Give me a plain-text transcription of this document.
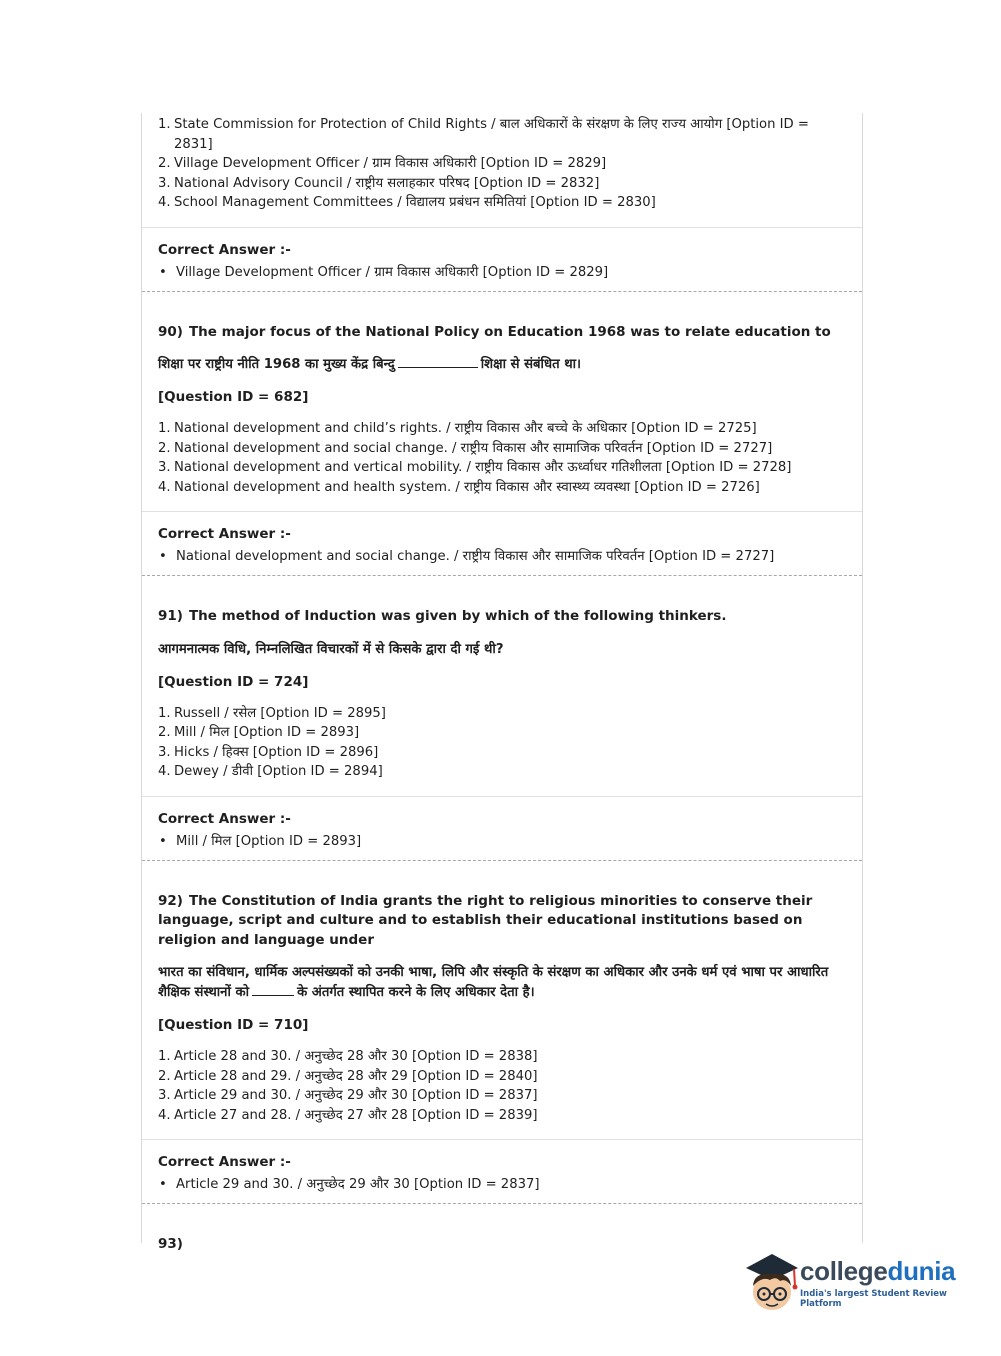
1. State Commission for Protection of Child Rights / बाल अधिकारों के संरक्षण के लिए राज्य आयोग [Option ID = 2831]
2. Village Development Officer / ग्राम विकास अधिकारी [Option ID = 2829]
3. National Advisory Council / राष्ट्रीय सलाहकार परिषद [Option ID = 2832]
4. School Management Committees / विद्यालय प्रबंधन समितियां [Option ID = 2830]
Correct Answer :-
• Village Development Officer / ग्राम विकास अधिकारी [Option ID = 2829]
90) The major focus of the National Policy on Education 1968 was to relate education to
शिक्षा पर राष्ट्रीय नीति 1968 का मुख्य केंद्र बिन्दु	शिक्षा से संबंधित था।
[Question ID = 682]
1. National development and child’s rights. / राष्ट्रीय विकास और बच्चे के अधिकार [Option ID = 2725]
2. National development and social change. / राष्ट्रीय विकास और सामाजिक परिवर्तन [Option ID = 2727]
3. National development and vertical mobility. / राष्ट्रीय विकास और ऊर्ध्वाधर गतिशीलता [Option ID = 2728]
4. National development and health system. / राष्ट्रीय विकास और स्वास्थ्य व्यवस्था [Option ID = 2726]
Correct Answer :-
• National development and social change. / राष्ट्रीय विकास और सामाजिक परिवर्तन [Option ID = 2727]
91) The method of Induction was given by which of the following thinkers.
आगमनात्मक विधि, निम्नलिखित विचारकों में से किसके द्वारा दी गई थी?
[Question ID = 724]
1. Russell / रसेल [Option ID = 2895]
2. Mill / मिल [Option ID = 2893]
3. Hicks / हिक्स [Option ID = 2896]
4. Dewey / डीवी [Option ID = 2894]
Correct Answer :-
• Mill / मिल [Option ID = 2893]
92) The Constitution of India grants the right to religious minorities to conserve their language, script and culture and to establish their educational institutions based on religion and language under
भारत का संविधान, धार्मिक अल्पसंख्यकों को उनकी भाषा, लिपि और संस्कृति के संरक्षण का अधिकार और उनके धर्म एवं भाषा पर आधारित शैक्षिक संस्थानों को	के अंतर्गत स्थापित करने के लिए अधिकार देता है।
[Question ID = 710]
1. Article 28 and 30. / अनुच्छेद 28 और 30 [Option ID = 2838]
2. Article 28 and 29. / अनुच्छेद 28 और 29 [Option ID = 2840]
3. Article 29 and 30. / अनुच्छेद 29 और 30 [Option ID = 2837]
4. Article 27 and 28. / अनुच्छेद 27 और 28 [Option ID = 2839]
Correct Answer :-
• Article 29 and 30. / अनुच्छेद 29 और 30 [Option ID = 2837]
93)
collegedunia
India's largest Student Review Platform
